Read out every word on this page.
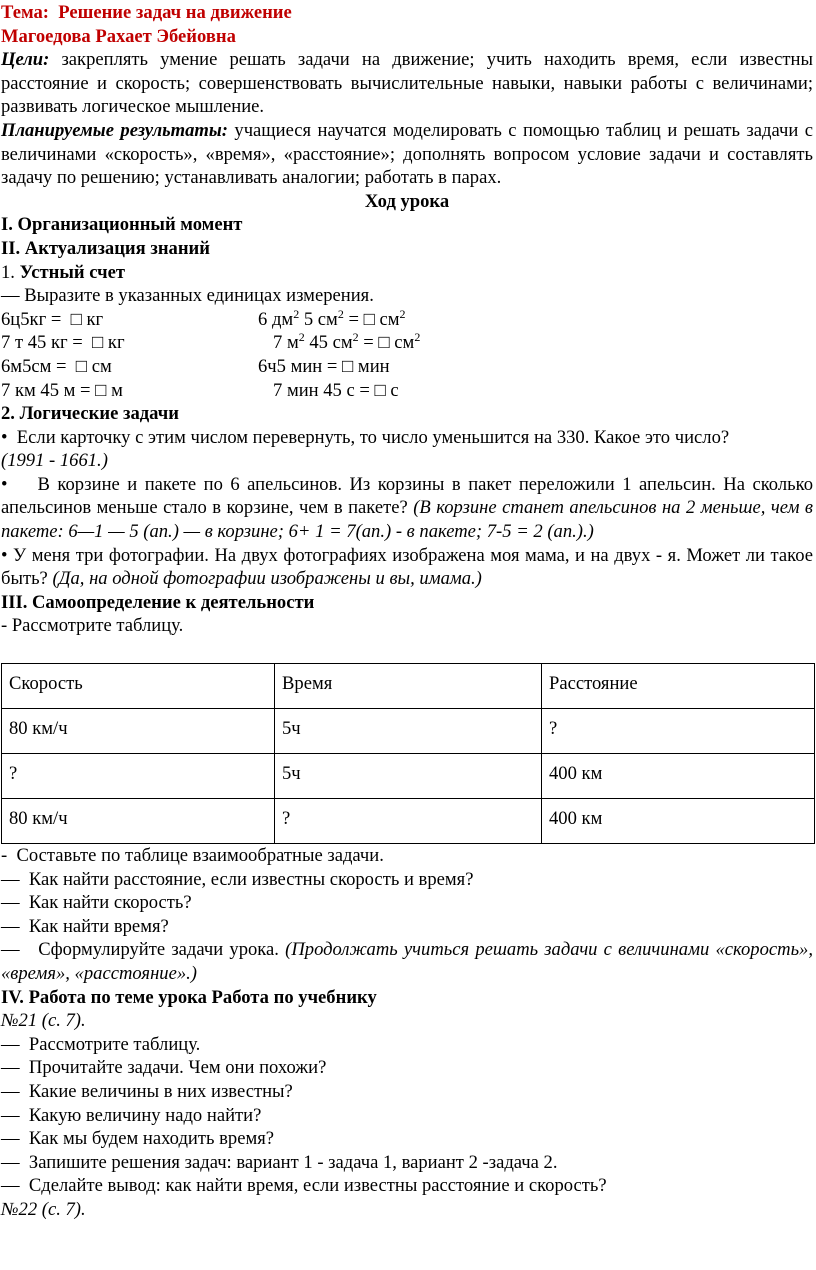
Тема: Решение задач на движение

Магоедова Рахает Эбейовна

Цели: закреплять умение решать задачи на движение; учить находить время, если известны расстояние и скорость; совершенствовать вычислительные навыки, навыки работы с величинами; развивать логическое мышление.

Планируемые результаты: учащиеся научатся моделировать с помощью таблиц и решать задачи с величинами «скорость», «время», «расстояние»; дополнять вопросом условие задачи и составлять задачу по решению; устанавливать аналогии; работать в парах.

Ход урока

I. Организационный момент

II. Актуализация знаний

1. Устный счет

— Выразите в указанных единицах измерения.

6ц5кг =  □ кг	6 $дм^2$ 5 $см^2$ = □ $см^2$
7 т 45 кг =  □ кг	7 $м^2$ 45 $см^2$ = □ $см^2$
6м5см =  □ см	6ч5 мин = □ мин
7 км 45 м = □ м	7 мин 45 с = □ с

2. Логические задачи

•  Если карточку с этим числом перевернуть, то число уменьшится на 330. Какое это число?
(1991 - 1661.)

•    В корзине и пакете по 6 апельсинов. Из корзины в пакет переложили 1 апельсин. На сколько апельсинов меньше стало в корзине, чем в пакете? (В корзине станет апельсинов на 2 меньше, чем в пакете: 6—1 — 5 (ап.) — в корзине; 6+ 1 = 7(ап.) - в пакете; 7-5 = 2 (ап.).)

• У меня три фотографии. На двух фотографиях изображена моя мама, и на двух - я. Может ли такое быть? (Да, на одной фотографии изображены и вы, имама.)

III. Самоопределение к деятельности

- Рассмотрите таблицу.

Скорость	Время	Расстояние
80 км/ч	5ч	?
?	5ч	400 км
80 км/ч	?	400 км

-  Составьте по таблице взаимообратные задачи.

—  Как найти расстояние, если известны скорость и время?

—  Как найти скорость?

—  Как найти время?

—   Сформулируйте задачи урока. (Продолжать учиться решать задачи с величинами «скорость», «время», «расстояние».)

IV. Работа по теме урока Работа по учебнику

№21 (с. 7).

—  Рассмотрите таблицу.

—  Прочитайте задачи. Чем они похожи?

—  Какие величины в них известны?

—  Какую величину надо найти?

—  Как мы будем находить время?

—  Запишите решения задач: вариант 1 - задача 1, вариант 2 -задача 2.

—  Сделайте вывод: как найти время, если известны расстояние и скорость?

№22 (с. 7).
